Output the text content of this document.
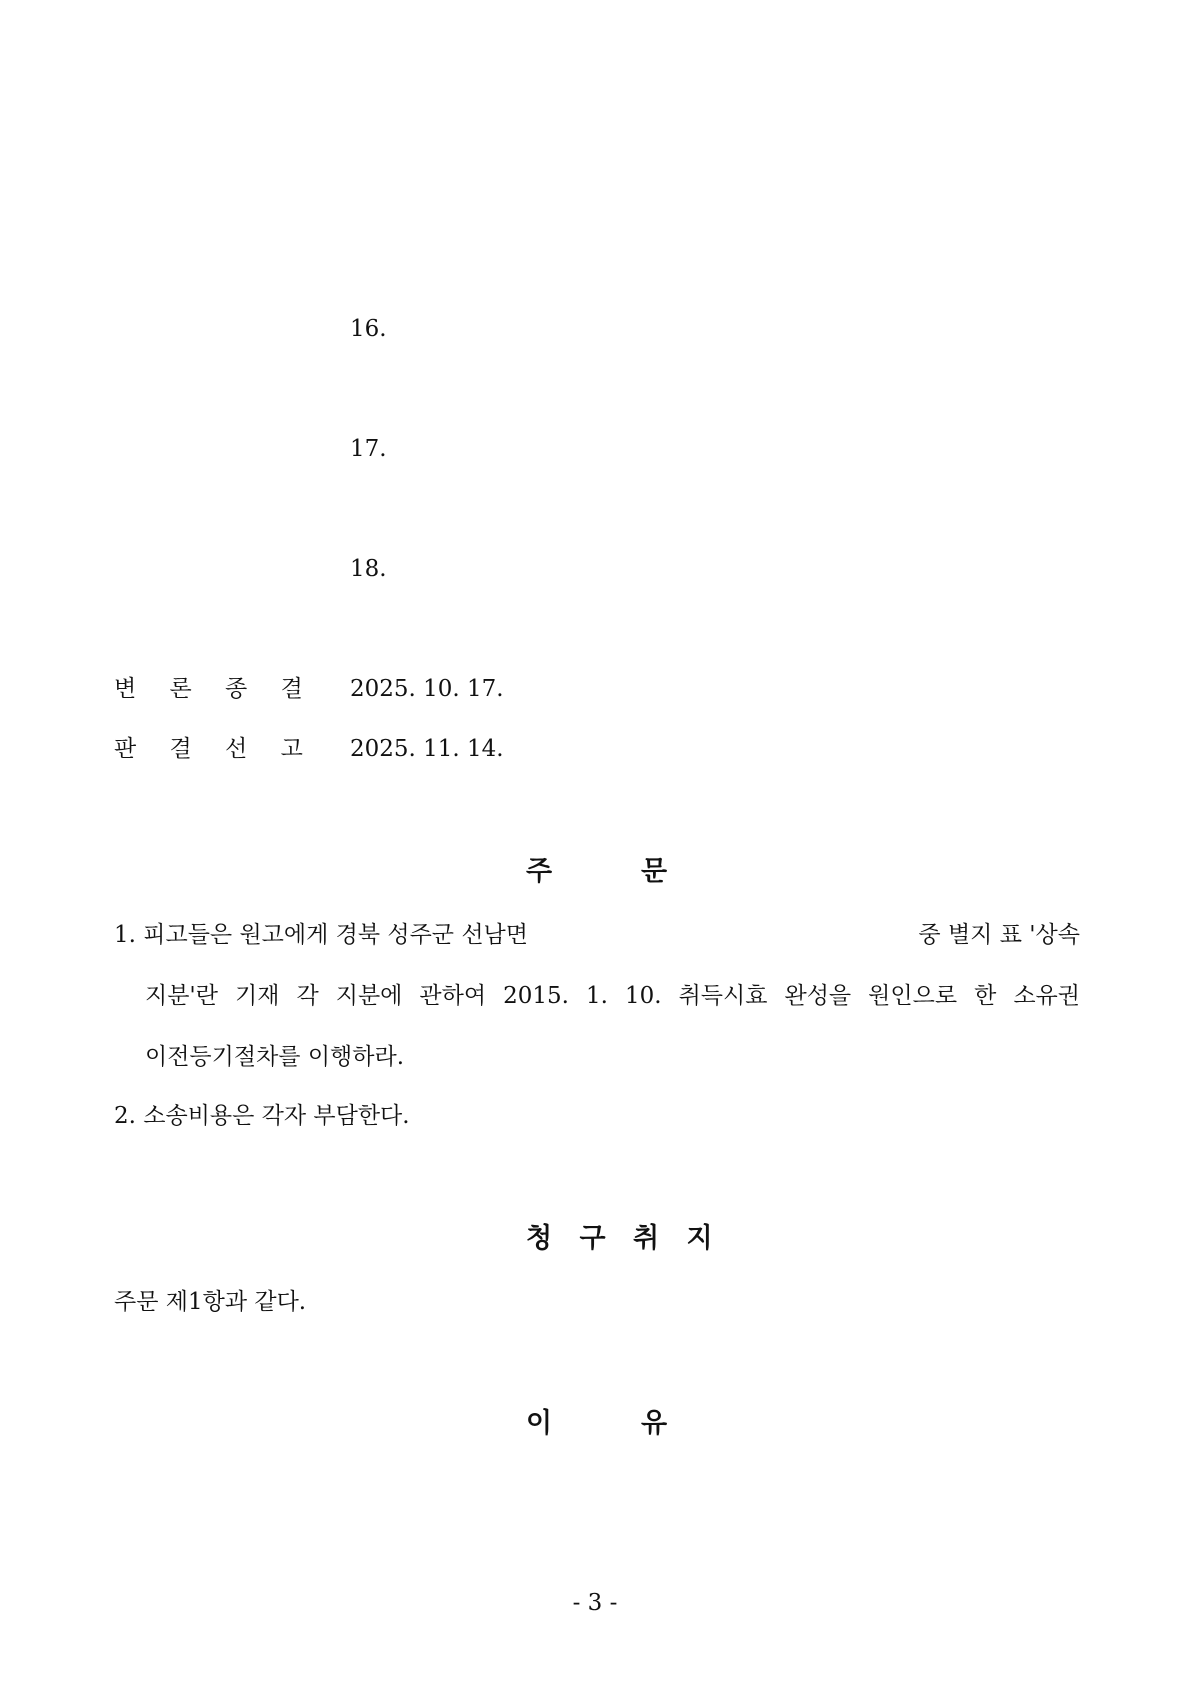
16.
17.
18.
변 론 종 결 2025. 10. 17.
판 결 선 고 2025. 11. 14.
주	문
1. 피고들은 원고에게 경북 성주군 선남면	중 별지 표 '상속
지분'란 기재 각 지분에 관하여 2015. 1. 10. 취득시효 완성을 원인으로 한 소유권
이전등기절차를 이행하라.
2. 소송비용은 각자 부담한다.
청 구 취 지
주문 제1항과 같다.
이	유
- 3 -
